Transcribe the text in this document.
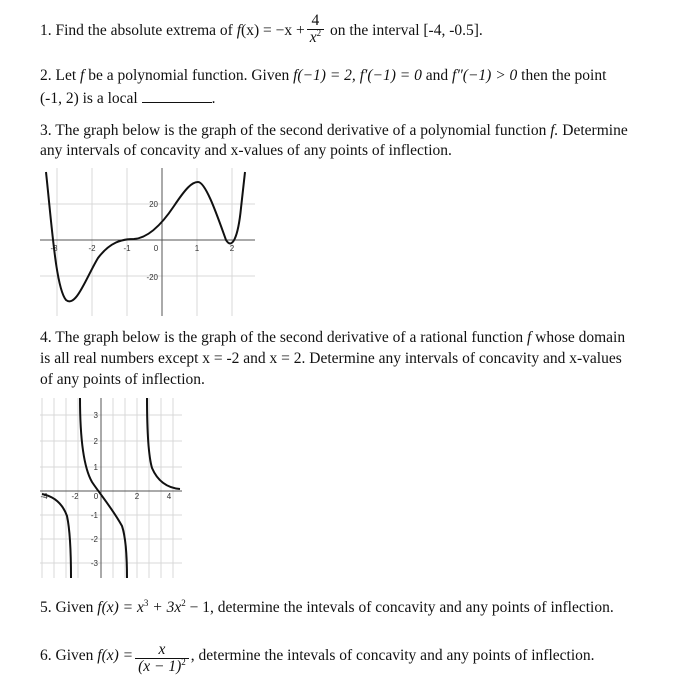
1. Find the absolute extrema of $f(x) = -x + \frac{4}{x^2}$ on the interval [-4, -0.5].
2. Let f be a polynomial function. Given f(−1) = 2, f′(−1) = 0 and f″(−1) > 0 then the point
(-1, 2) is a local	.
3. The graph below is the graph of the second derivative of a polynomial function f. Determine
any intervals of concavity and x-values of any points of inflection.
-3	-2	-1	0	1	2
20
-20
4. The graph below is the graph of the second derivative of a rational function f whose domain
is all real numbers except x = -2 and x = 2. Determine any intervals of concavity and x-values
of any points of inflection.
-4	-2 0	2	4
3
2
1
-1
-2
-3
5. Given $f(x) = x^3 + 3x^2 - 1$, determine the intevals of concavity and any points of inflection.
6. Given $f(x) = \frac{x}{(x - 1)^2}$ , determine the intevals of concavity and any points of inflection.
